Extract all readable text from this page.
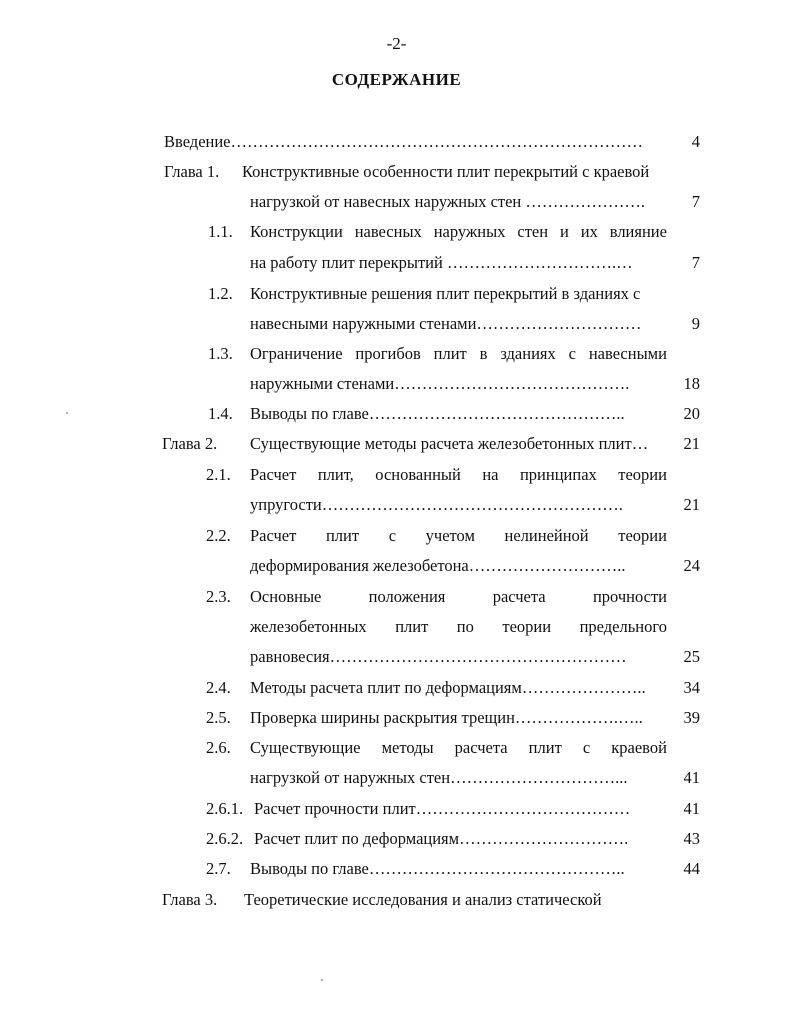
-2-
СОДЕРЖАНИЕ
Введение…………………………………………………………………	4
Глава 1. Конструктивные особенности плит перекрытий с краевой
нагрузкой от навесных наружных стен ………………….	7
1.1. Конструкции навесных наружных стен и их влияние
на работу плит перекрытий ………………………….…	7
1.2. Конструктивные решения плит перекрытий в зданиях с
навесными наружными стенами…………………………	9
1.3. Ограничение прогибов плит в зданиях с навесными
наружными стенами…………………………………….	18
1.4. Выводы по главе………………………………………..	20
Глава 2. Существующие методы расчета железобетонных плит…	21
2.1. Расчет плит, основанный на принципах теории
упругости……………………………………………….	21
2.2. Расчет плит с учетом нелинейной теории
деформирования железобетона………………………..	24
2.3. Основные	положения	расчета	прочности
железобетонных плит по теории предельного
равновесия………………………………………………	25
2.4. Методы расчета плит по деформациям…………………..	34
2.5. Проверка ширины раскрытия трещин……………….…..	39
2.6. Существующие методы расчета плит с краевой
нагрузкой от наружных стен…………………………...	41
2.6.1. Расчет прочности плит…………………………………	41
2.6.2. Расчет плит по деформациям………………………….	43
2.7. Выводы по главе………………………………………..	44
Глава 3. Теоретические исследования и анализ статической
